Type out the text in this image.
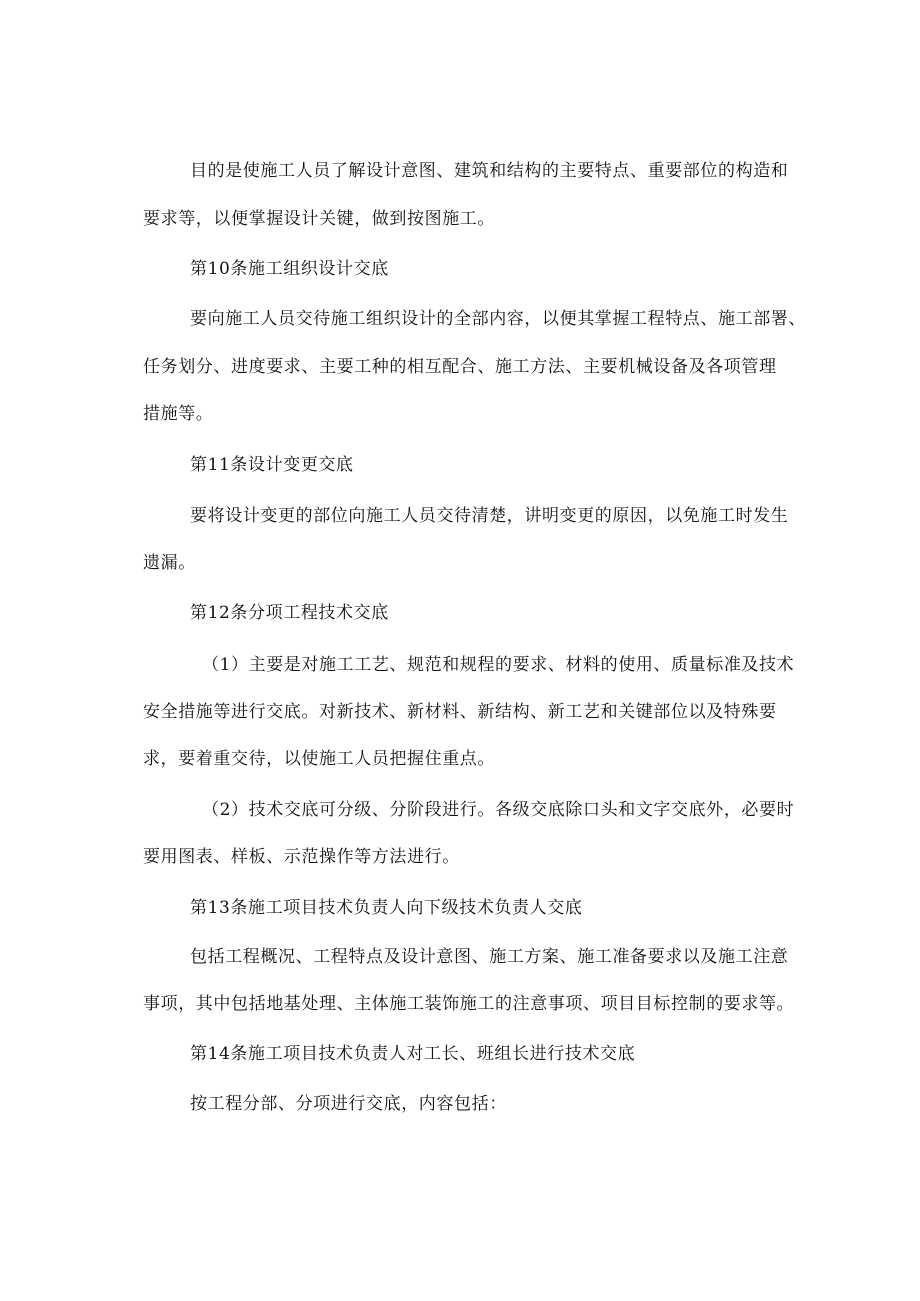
目的是使施工人员了解设计意图、建筑和结构的主要特点、重要部位的构造和
要求等，以便掌握设计关键，做到按图施工。
第10条施工组织设计交底
要向施工人员交待施工组织设计的全部内容，以便其掌握工程特点、施工部署、
任务划分、进度要求、主要工种的相互配合、施工方法、主要机械设备及各项管理
措施等。
第11条设计变更交底
要将设计变更的部位向施工人员交待清楚，讲明变更的原因，以免施工时发生
遗漏。
第12条分项工程技术交底
（1）主要是对施工工艺、规范和规程的要求、材料的使用、质量标准及技术
安全措施等进行交底。对新技术、新材料、新结构、新工艺和关键部位以及特殊要
求，要着重交待，以使施工人员把握住重点。
（2）技术交底可分级、分阶段进行。各级交底除口头和文字交底外，必要时
要用图表、样板、示范操作等方法进行。
第13条施工项目技术负责人向下级技术负责人交底
包括工程概况、工程特点及设计意图、施工方案、施工准备要求以及施工注意
事项，其中包括地基处理、主体施工装饰施工的注意事项、项目目标控制的要求等。
第14条施工项目技术负责人对工长、班组长进行技术交底
按工程分部、分项进行交底，内容包括：
